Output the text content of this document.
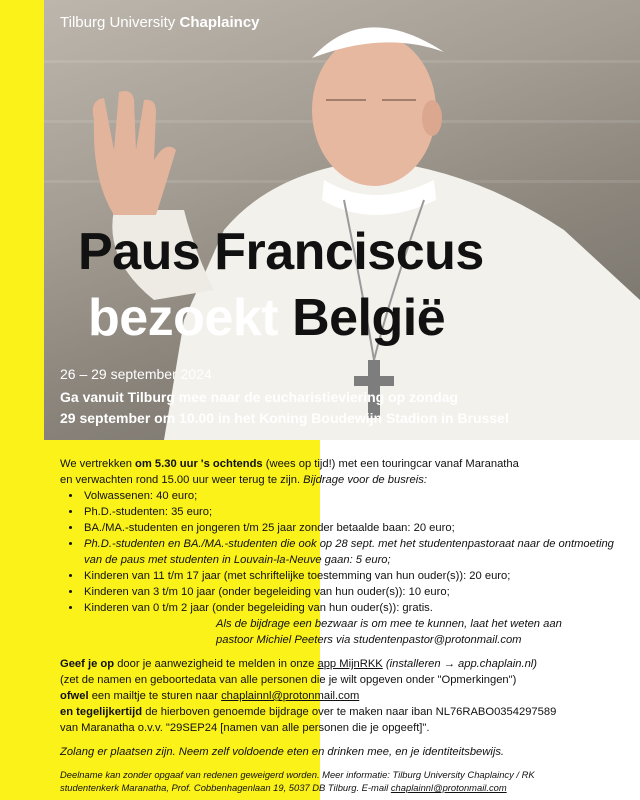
Tilburg University Chaplaincy
Paus Franciscus
bezoekt België
26 – 29 september 2024
Ga vanuit Tilburg mee naar de eucharistieviering op zondag
29 september om 10.00 in het Koning Boudewijn Stadion in Brussel

We vertrekken om 5.30 uur 's ochtends (wees op tijd!) met een touringcar vanaf Maranatha

en verwachten rond 15.00 uur weer terug te zijn. Bijdrage voor de busreis:

• Volwassenen: 40 euro;
• Ph.D.-studenten: 35 euro;
• BA./MA.-studenten en jongeren t/m 25 jaar zonder betaalde baan: 20 euro;
• Ph.D.-studenten en BA./MA.-studenten die ook op 28 sept. met het studentenpastoraat naar de ontmoeting van de paus met studenten in Louvain-la-Neuve gaan: 5 euro;
• Kinderen van 11 t/m 17 jaar (met schriftelijke toestemming van hun ouder(s)): 20 euro;
• Kinderen van 3 t/m 10 jaar (onder begeleiding van hun ouder(s)): 10 euro;
• Kinderen van 0 t/m 2 jaar (onder begeleiding van hun ouder(s)): gratis.

Als de bijdrage een bezwaar is om mee te kunnen, laat het weten aan

pastoor Michiel Peeters via studentenpastor@protonmail.com

Geef je op door je aanwezigheid te melden in onze app MijnRKK (installeren → app.chaplain.nl)

(zet de namen en geboortedata van alle personen die je wilt opgeven onder "Opmerkingen")

ofwel een mailtje te sturen naar chaplainnl@protonmail.com

en tegelijkertijd de hierboven genoemde bijdrage over te maken naar iban NL76RABO0354297589

van Maranatha o.v.v. "29SEP24 [namen van alle personen die je opgeeft]".

Zolang er plaatsen zijn. Neem zelf voldoende eten en drinken mee, en je identiteitsbewijs.

Deelname kan zonder opgaaf van redenen geweigerd worden. Meer informatie: Tilburg University Chaplaincy / RK

studentenkerk Maranatha, Prof. Cobbenhagenlaan 19, 5037 DB Tilburg. E-mail chaplainnl@protonmail.com
